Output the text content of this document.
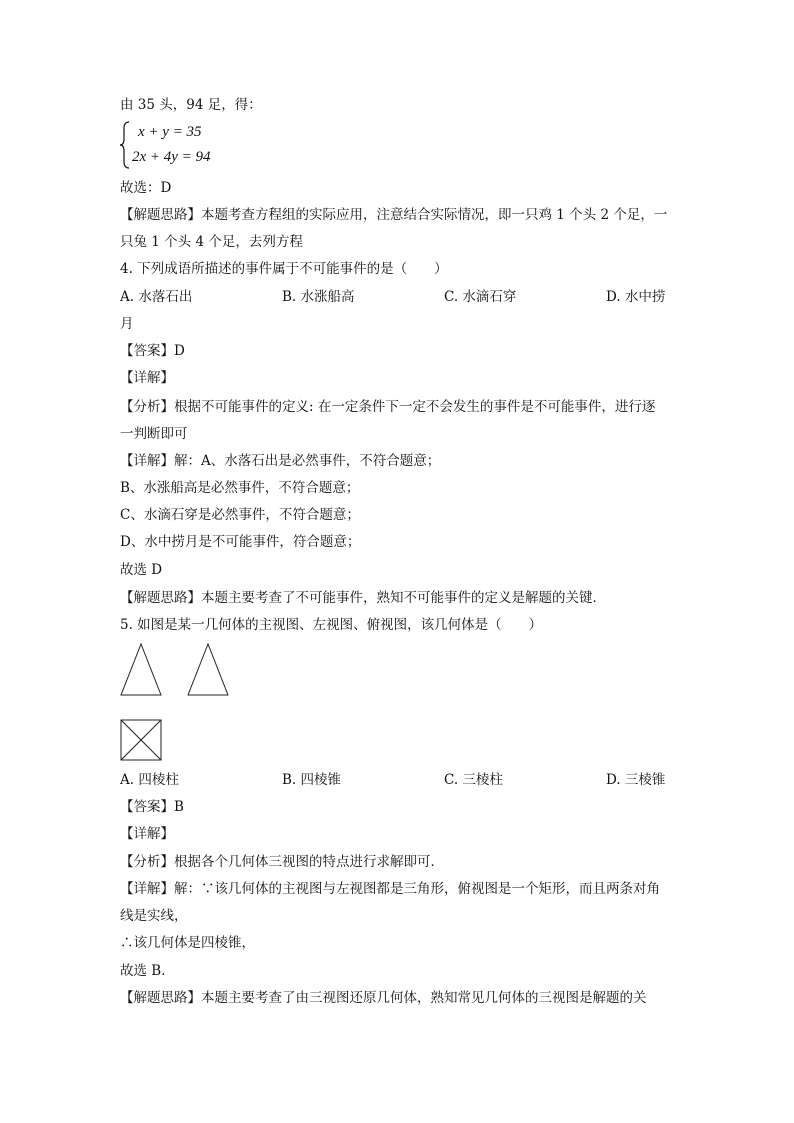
由 35 头，94 足，得：
x + y = 35
2x + 4y = 94
故选：D
【解题思路】本题考查方程组的实际应用，注意结合实际情况，即一只鸡 1 个头 2 个足，一
只兔 1 个头 4 个足，去列方程
4. 下列成语所描述的事件属于不可能事件的是（　　）
A. 水落石出	B. 水涨船高	C. 水滴石穿	D. 水中捞
月
【答案】D
【详解】
【分析】根据不可能事件的定义: 在一定条件下一定不会发生的事件是不可能事件，进行逐
一判断即可
【详解】解：A、水落石出是必然事件，不符合题意；
B、水涨船高是必然事件，不符合题意；
C、水滴石穿是必然事件，不符合题意；
D、水中捞月是不可能事件，符合题意；
故选 D
【解题思路】本题主要考查了不可能事件，熟知不可能事件的定义是解题的关键．
5. 如图是某一几何体的主视图、左视图、俯视图，该几何体是（　　）
A. 四棱柱	B. 四棱锥	C. 三棱柱	D. 三棱锥
【答案】B
【详解】
【分析】根据各个几何体三视图的特点进行求解即可．
【详解】解：∵该几何体的主视图与左视图都是三角形，俯视图是一个矩形，而且两条对角
线是实线，
∴该几何体是四棱锥，
故选 B．
【解题思路】本题主要考查了由三视图还原几何体，熟知常见几何体的三视图是解题的关
